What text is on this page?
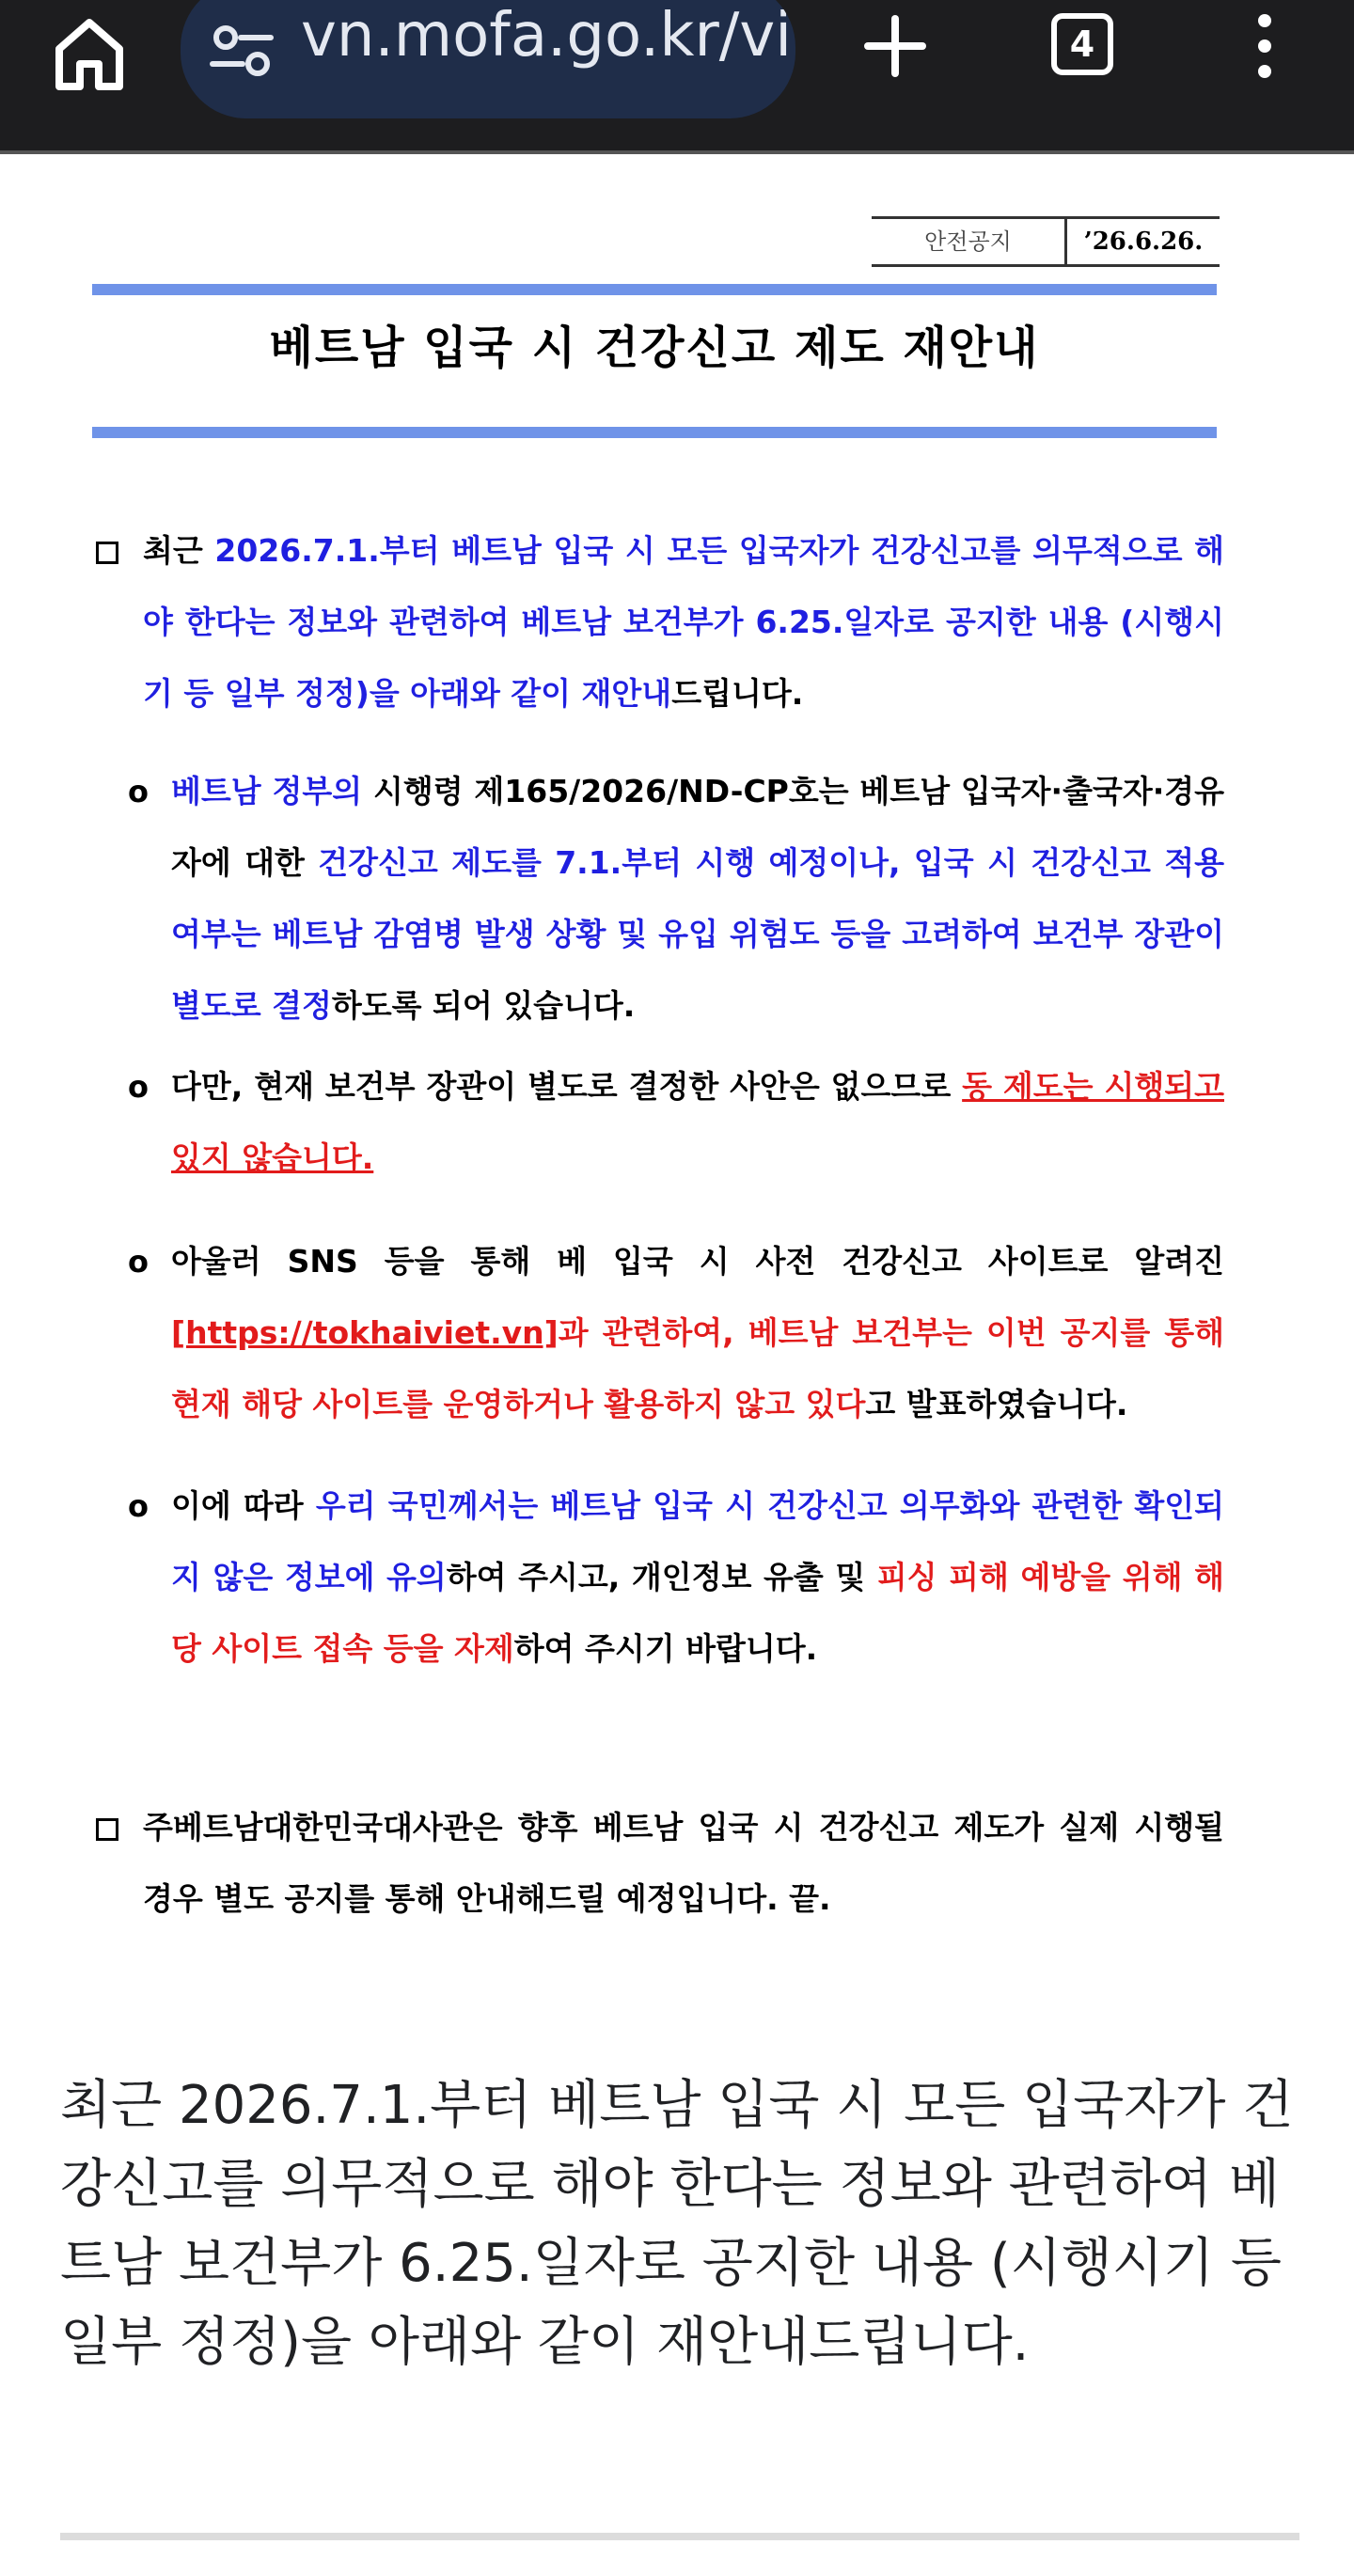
vn.mofa.go.kr/vi	4
안전공지	’26.6.26.
베트남 입국 시 건강신고 제도 재안내

최근 2026.7.1.부터 베트남 입국 시 모든 입국자가 건강신고를 의무적으로 해야 한다는 정보와 관련하여 베트남 보건부가 6.25.일자로 공지한 내용 (시행시기 등 일부 정정)을 아래와 같이 재안내드립니다.

o 베트남 정부의 시행령 제165/2026/ND-CP호는 베트남 입국자·출국자·경유자에 대한 건강신고 제도를 7.1.부터 시행 예정이나, 입국 시 건강신고 적용 여부는 베트남 감염병 발생 상황 및 유입 위험도 등을 고려하여 보건부 장관이 별도로 결정하도록 되어 있습니다.

o 다만, 현재 보건부 장관이 별도로 결정한 사안은 없으므로 동 제도는 시행되고 있지 않습니다.

o 아울러 SNS 등을 통해 베 입국 시 사전 건강신고 사이트로 알려진 [https://tokhaiviet.vn]과 관련하여, 베트남 보건부는 이번 공지를 통해 현재 해당 사이트를 운영하거나 활용하지 않고 있다고 발표하였습니다.

o 이에 따라 우리 국민께서는 베트남 입국 시 건강신고 의무화와 관련한 확인되지 않은 정보에 유의하여 주시고, 개인정보 유출 및 피싱 피해 예방을 위해 해당 사이트 접속 등을 자제하여 주시기 바랍니다.

주베트남대한민국대사관은 향후 베트남 입국 시 건강신고 제도가 실제 시행될 경우 별도 공지를 통해 안내해드릴 예정입니다. 끝.

최근 2026.7.1.부터 베트남 입국 시 모든 입국자가 건강신고를 의무적으로 해야 한다는 정보와 관련하여 베트남 보건부가 6.25.일자로 공지한 내용 (시행시기 등 일부 정정)을 아래와 같이 재안내드립니다.
